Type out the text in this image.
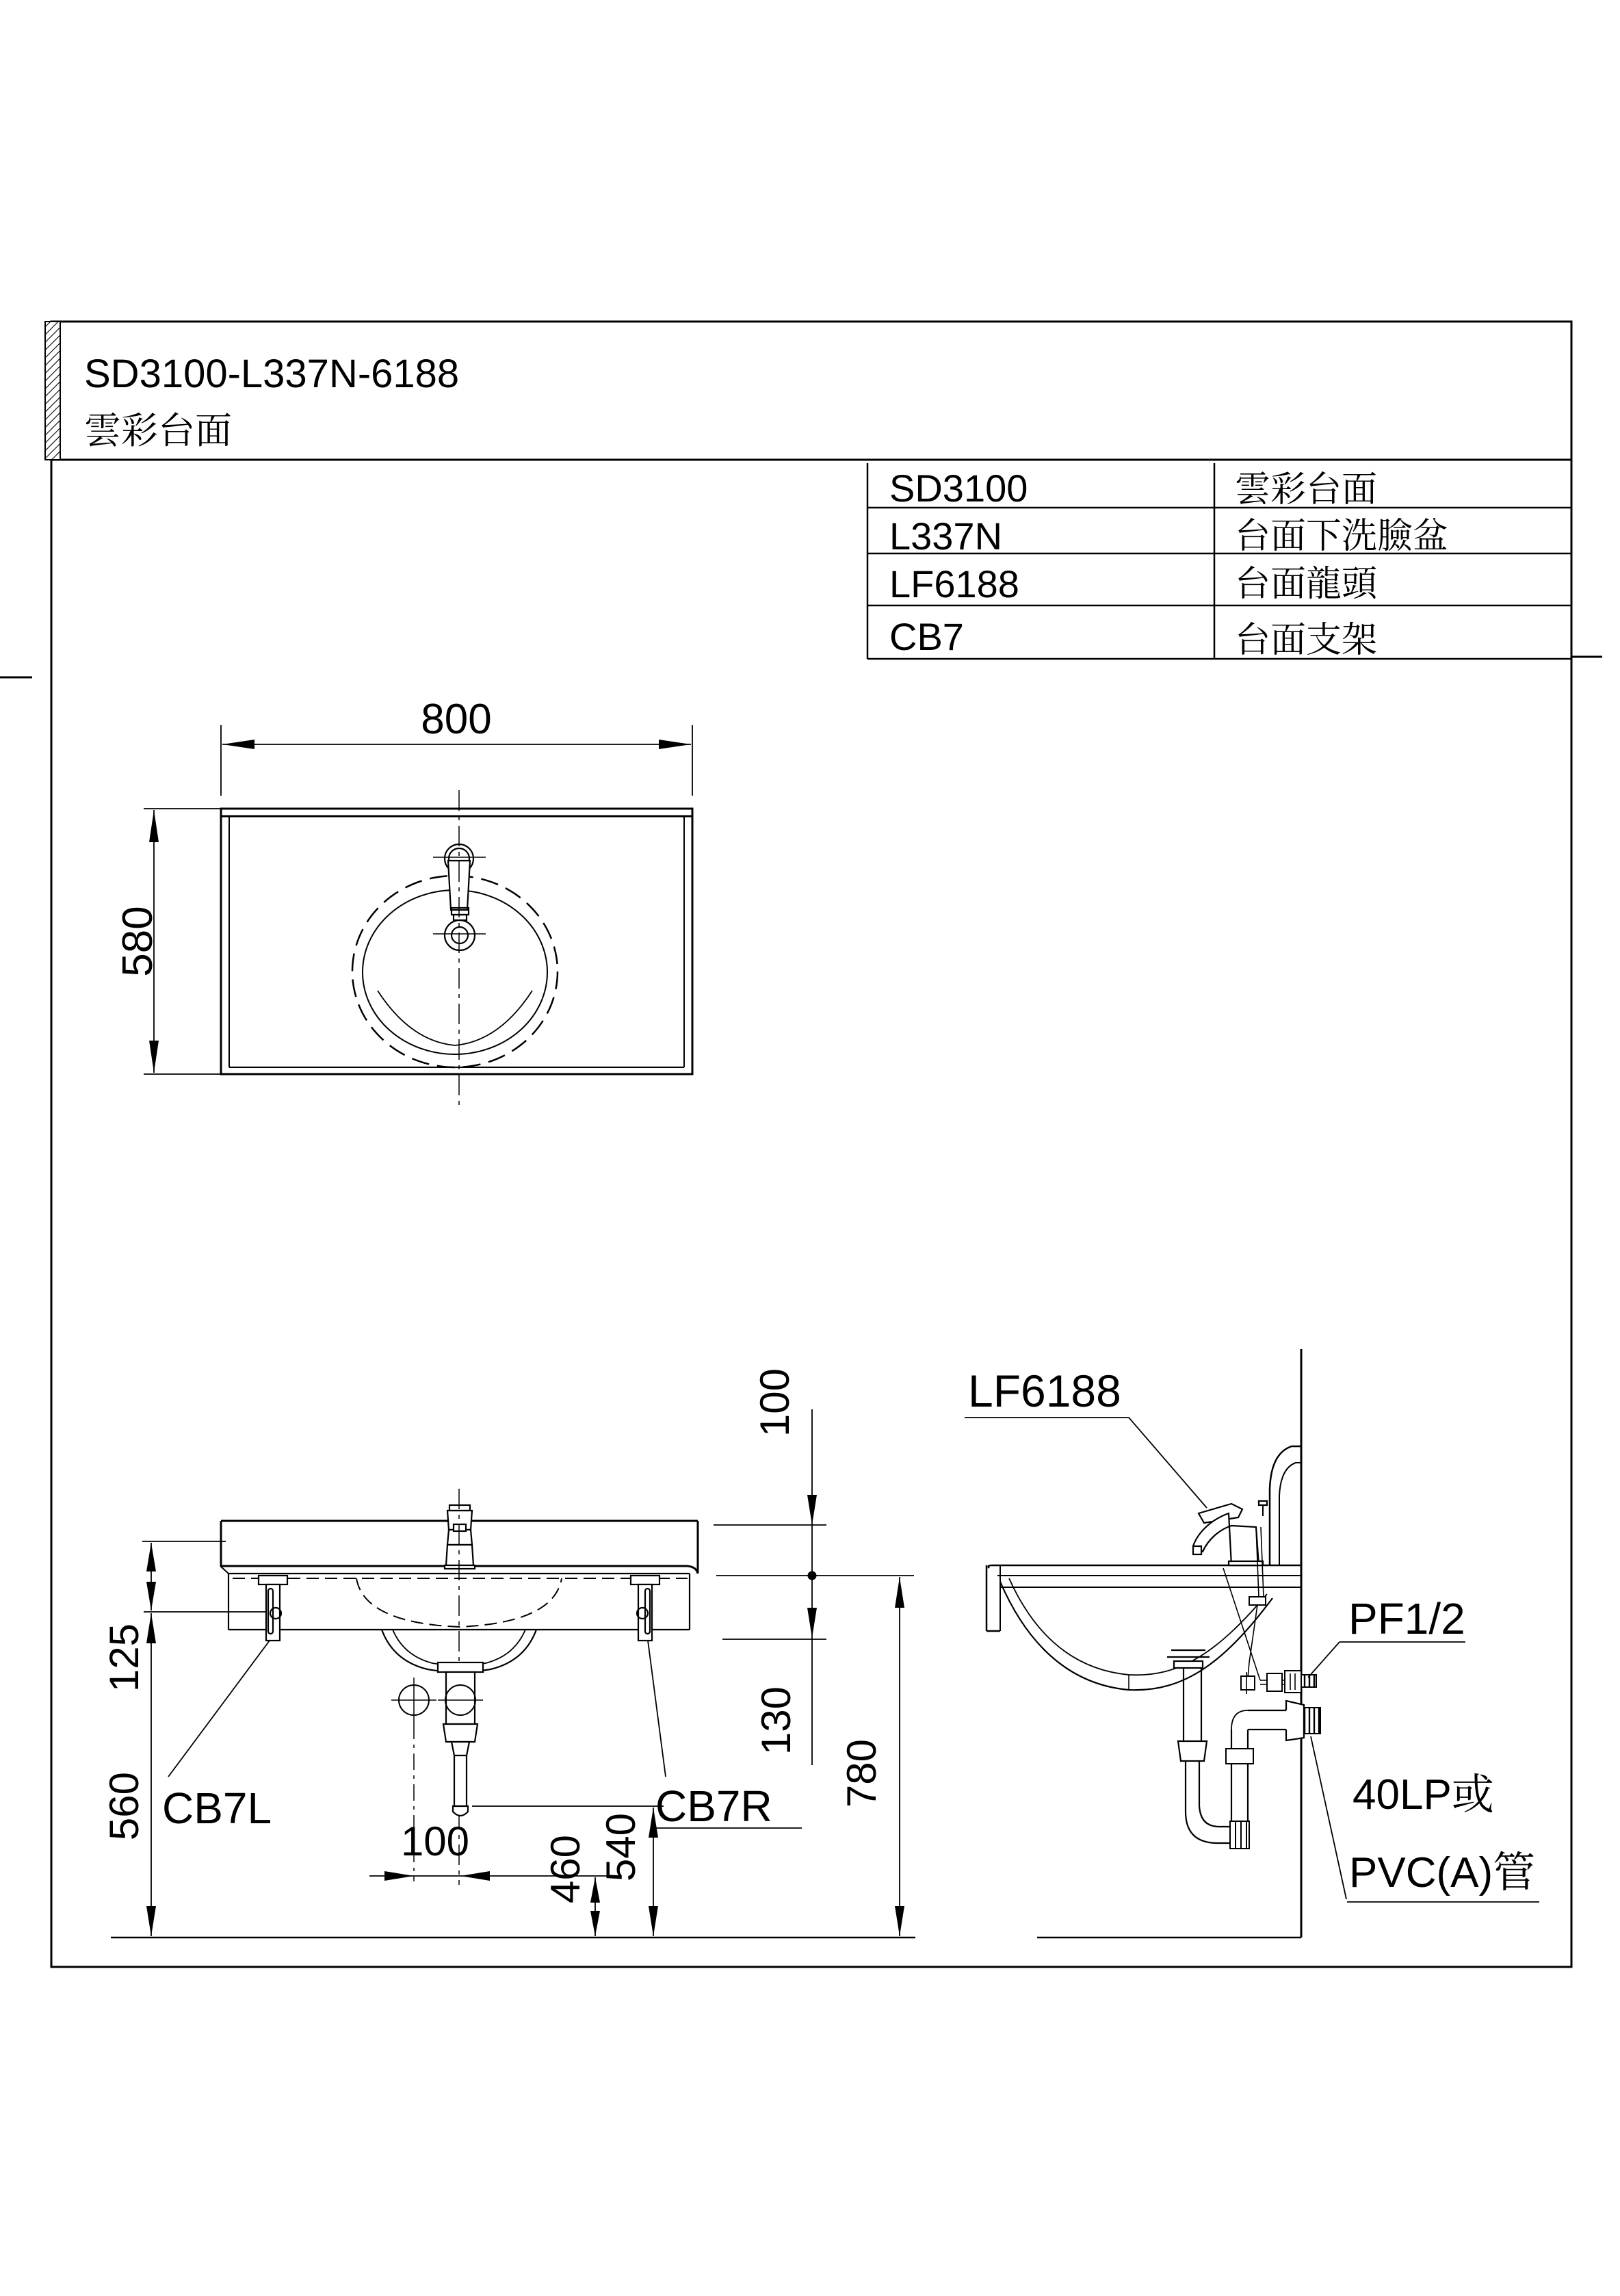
SD3100-L337N-6188
雲彩台面
SD3100	雲彩台面
L337N	台面下洗臉盆
LF6188	台面龍頭
CB7	台面支架
800
580
CB7L	CB7R
125
560
100
130
780
100 460 540
LF6188
PF1/2
40LP或
PVC(A)管
